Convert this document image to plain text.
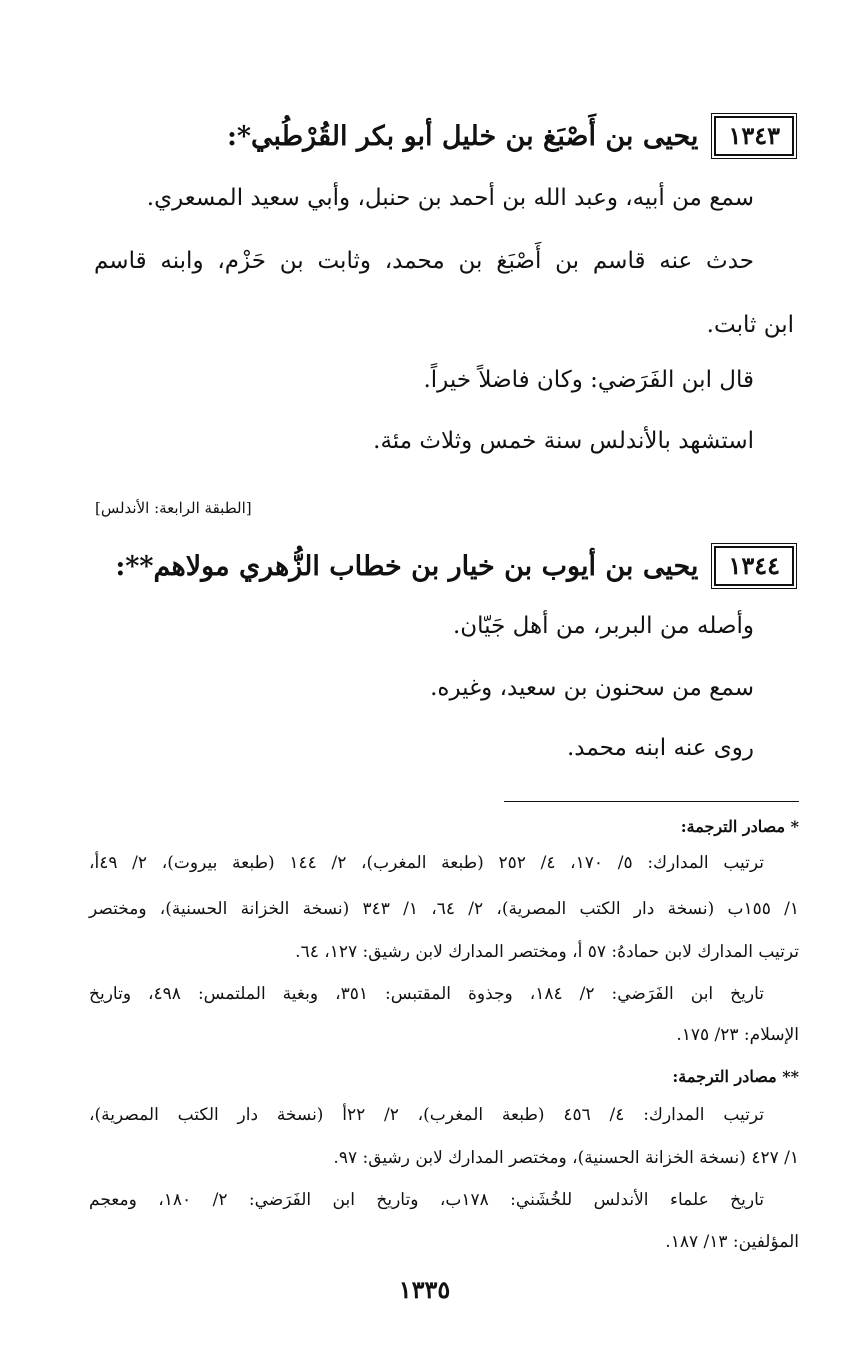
١٣٤٣
يحيى بن أَصْبَغ بن خليل أبو بكر القُرْطُبي*:
سمع من أبيه، وعبد الله بن أحمد بن حنبل، وأبي سعيد المسعري.
حدث عنه قاسم بن أَصْبَغ بن محمد، وثابت بن حَزْم، وابنه قاسم
ابن ثابت.
قال ابن الفَرَضي: وكان فاضلاً خيراً.
استشهد بالأندلس سنة خمس وثلاث مئة.
[الطبقة الرابعة: الأندلس]
١٣٤٤
يحيى بن أيوب بن خيار بن خطاب الزُّهري مولاهم**:
وأصله من البربر، من أهل جَيّان.
سمع من سحنون بن سعيد، وغيره.
روى عنه ابنه محمد.
* مصادر الترجمة:
ترتيب المدارك: ٥/ ١٧٠، ٤/ ٢٥٢ (طبعة المغرب)، ٢/ ١٤٤ (طبعة بيروت)، ٢/ ٤٩أ،
١/ ١٥٥ب (نسخة دار الكتب المصرية)، ٢/ ٦٤، ١/ ٣٤٣ (نسخة الخزانة الحسنية)، ومختصر
ترتيب المدارك لابن حمادهُ: ٥٧ أ، ومختصر المدارك لابن رشيق: ١٢٧، ٦٤.
تاريخ ابن الفَرَضي: ٢/ ١٨٤، وجذوة المقتبس: ٣٥١، وبغية الملتمس: ٤٩٨، وتاريخ
الإسلام: ٢٣/ ١٧٥.
** مصادر الترجمة:
ترتيب المدارك: ٤/ ٤٥٦ (طبعة المغرب)، ٢/ ٢٢أ (نسخة دار الكتب المصرية)،
١/ ٤٢٧ (نسخة الخزانة الحسنية)، ومختصر المدارك لابن رشيق: ٩٧.
تاريخ علماء الأندلس للخُشَني: ١٧٨ب، وتاريخ ابن الفَرَضي: ٢/ ١٨٠، ومعجم
المؤلفين: ١٣/ ١٨٧.
١٣٣٥
